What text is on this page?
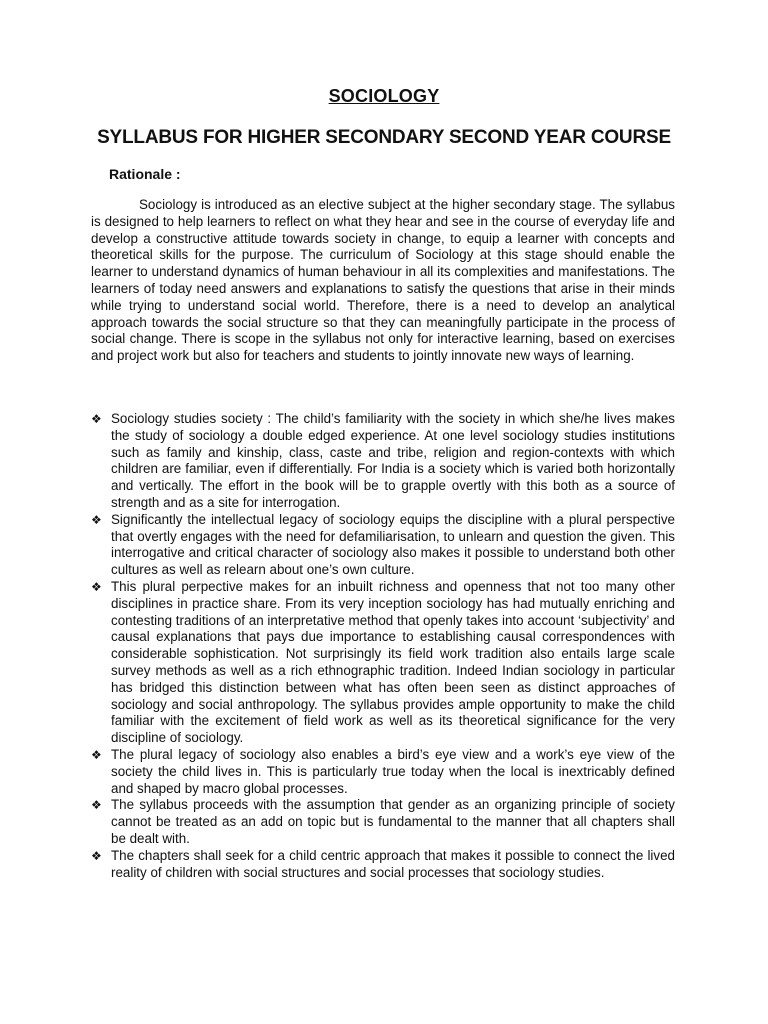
SOCIOLOGY
SYLLABUS FOR HIGHER SECONDARY SECOND YEAR COURSE
Rationale :

Sociology is introduced as an elective subject at the higher secondary stage. The syllabus is designed to help learners to reflect on what they hear and see in the course of everyday life and develop a constructive attitude towards society in change, to equip a learner with concepts and theoretical skills for the purpose. The curriculum of Sociology at this stage should enable the learner to understand dynamics of human behaviour in all its complexities and manifestations. The learners of today need answers and explanations to satisfy the questions that arise in their minds while trying to understand social world. Therefore, there is a need to develop an analytical approach towards the social structure so that they can meaningfully participate in the process of social change. There is scope in the syllabus not only for interactive learning, based on exercises and project work but also for teachers and students to jointly innovate new ways of learning.

❖ Sociology studies society : The child’s familiarity with the society in which she/he lives makes the study of sociology a double edged experience. At one level sociology studies institutions such as family and kinship, class, caste and tribe, religion and region-contexts with which children are familiar, even if differentially. For India is a society which is varied both horizontally and vertically. The effort in the book will be to grapple overtly with this both as a source of strength and as a site for interrogation.
❖ Significantly the intellectual legacy of sociology equips the discipline with a plural perspective that overtly engages with the need for defamiliarisation, to unlearn and question the given. This interrogative and critical character of sociology also makes it possible to understand both other cultures as well as relearn about one’s own culture.
❖ This plural perpective makes for an inbuilt richness and openness that not too many other disciplines in practice share. From its very inception sociology has had mutually enriching and contesting traditions of an interpretative method that openly takes into account ‘subjectivity’ and causal explanations that pays due importance to establishing causal correspondences with considerable sophistication. Not surprisingly its field work tradition also entails large scale survey methods as well as a rich ethnographic tradition. Indeed Indian sociology in particular has bridged this distinction between what has often been seen as distinct approaches of sociology and social anthropology. The syllabus provides ample opportunity to make the child familiar with the excitement of field work as well as its theoretical significance for the very discipline of sociology.
❖ The plural legacy of sociology also enables a bird’s eye view and a work’s eye view of the society the child lives in. This is particularly true today when the local is inextricably defined and shaped by macro global processes.
❖ The syllabus proceeds with the assumption that gender as an organizing principle of society cannot be treated as an add on topic but is fundamental to the manner that all chapters shall be dealt with.
❖ The chapters shall seek for a child centric approach that makes it possible to connect the lived reality of children with social structures and social processes that sociology studies.
